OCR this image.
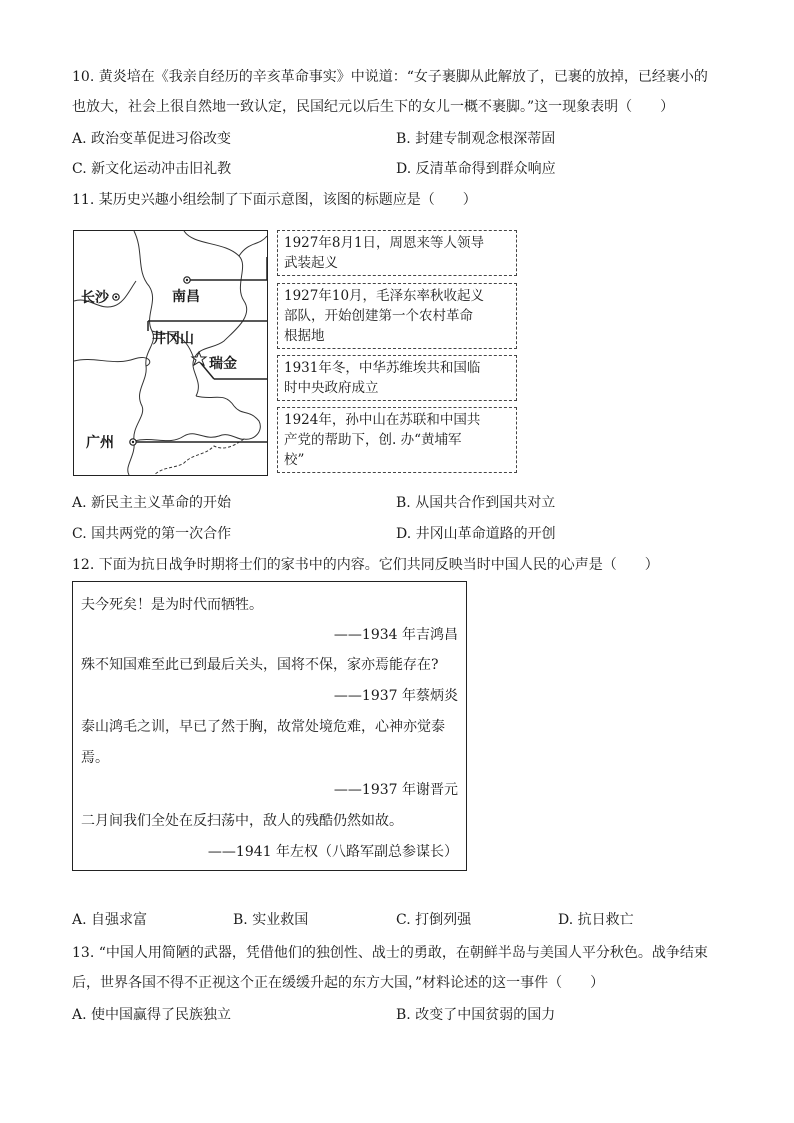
10. 黄炎培在《我亲自经历的辛亥革命事实》中说道：“女子裹脚从此解放了，已裹的放掉，已经裹小的
也放大，社会上很自然地一致认定，民国纪元以后生下的女儿一概不裹脚。”这一现象表明（　　）
A. 政治变革促进习俗改变	B. 封建专制观念根深蒂固
C. 新文化运动冲击旧礼教	D. 反清革命得到群众响应
11. 某历史兴趣小组绘制了下面示意图，该图的标题应是（　　）
长沙	南昌
井冈山
瑞金
广州
1927年8月1日，周恩来等人领导
武装起义
1927年10月，毛泽东率秋收起义
部队，开始创建第一个农村革命
根据地
1931年冬，中华苏维埃共和国临
时中央政府成立
1924年，孙中山在苏联和中国共
产党的帮助下，创. 办“黄埔军
校”
A. 新民主主义革命的开始	B. 从国共合作到国共对立
C. 国共两党的第一次合作	D. 井冈山革命道路的开创
12. 下面为抗日战争时期将士们的家书中的内容。它们共同反映当时中国人民的心声是（　　）
夫今死矣！是为时代而牺牲。
——1934 年吉鸿昌
殊不知国难至此已到最后关头，国将不保，家亦焉能存在?
——1937 年蔡炳炎
泰山鸿毛之训，早已了然于胸，故常处境危难，心神亦觉泰
焉。
——1937 年谢晋元
二月间我们全处在反扫荡中，敌人的残酷仍然如故。
——1941 年左权（八路军副总参谋长）
A. 自强求富	B. 实业救国	C. 打倒列强	D. 抗日救亡
13. “中国人用简陋的武器，凭借他们的独创性、战士的勇敢，在朝鲜半岛与美国人平分秋色。战争结束
后，世界各国不得不正视这个正在缓缓升起的东方大国，”材料论述的这一事件（　　）
A. 使中国赢得了民族独立	B. 改变了中国贫弱的国力
